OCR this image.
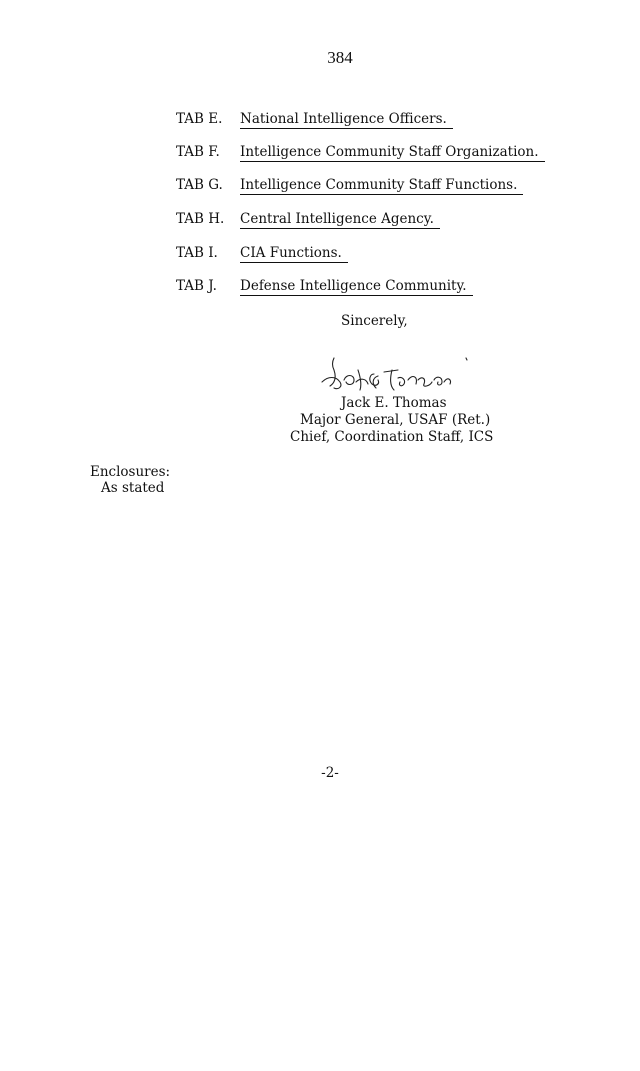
384
TAB E. National Intelligence Officers.
TAB F. Intelligence Community Staff Organization.
TAB G. Intelligence Community Staff Functions.
TAB H. Central Intelligence Agency.
TAB I. CIA Functions.
TAB J. Defense Intelligence Community.
Sincerely,
Jack E. Thomas
Major General, USAF (Ret.)
Chief, Coordination Staff, ICS
Enclosures:
As stated
-2-
